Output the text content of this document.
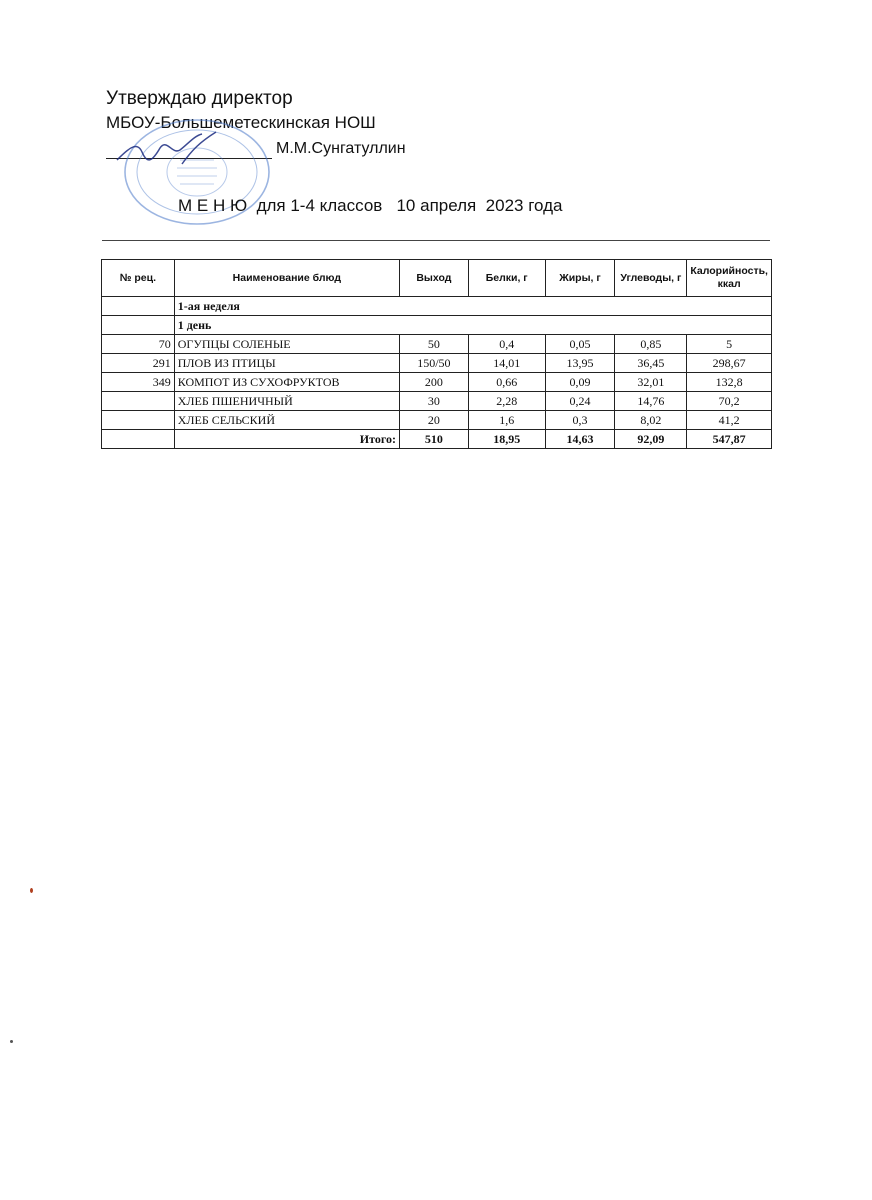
Утверждаю директор
МБОУ-Большеметескинская НОШ
М.М.Сунгатуллин
М Е Н Ю  для 1-4 классов   10 апреля  2023 года
№ рец.	Наименование блюд	Выход	Белки, г	Жиры, г	Углеводы, г	Калорийность, ккал
	1-ая неделя					
	1 день					
70	ОГУПЦЫ СОЛЕНЫЕ	50	0,4	0,05	0,85	5
291	ПЛОВ ИЗ ПТИЦЫ	150/50	14,01	13,95	36,45	298,67
349	КОМПОТ ИЗ СУХОФРУКТОВ	200	0,66	0,09	32,01	132,8
	ХЛЕБ ПШЕНИЧНЫЙ	30	2,28	0,24	14,76	70,2
	ХЛЕБ СЕЛЬСКИЙ	20	1,6	0,3	8,02	41,2
	Итого:	510	18,95	14,63	92,09	547,87
